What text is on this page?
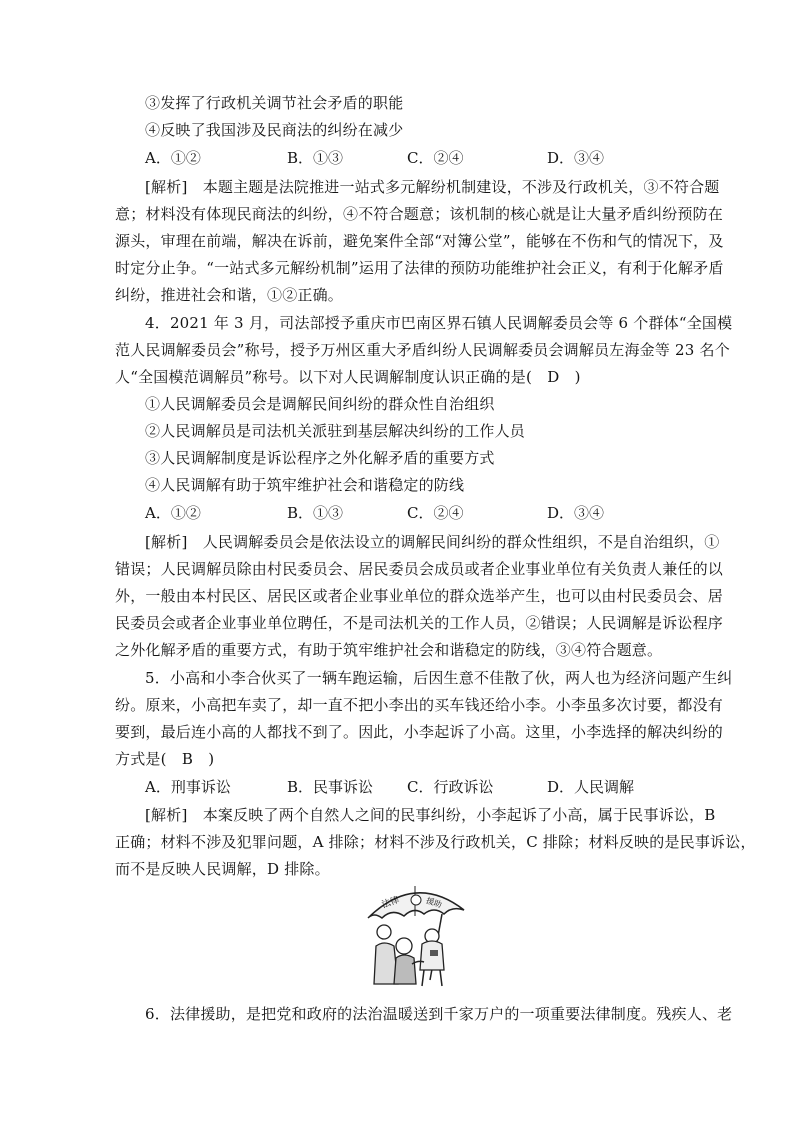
③发挥了行政机关调节社会矛盾的职能
④反映了我国涉及民商法的纠纷在减少
A．①②	B．①③	C．②④	D．③④
[解析]　本题主题是法院推进一站式多元解纷机制建设，不涉及行政机关，③不符合题
意；材料没有体现民商法的纠纷，④不符合题意；该机制的核心就是让大量矛盾纠纷预防在
源头，审理在前端，解决在诉前，避免案件全部“对簿公堂”，能够在不伤和气的情况下，及
时定分止争。“一站式多元解纷机制”运用了法律的预防功能维护社会正义，有利于化解矛盾
纠纷，推进社会和谐，①②正确。
4．2021 年 3 月，司法部授予重庆市巴南区界石镇人民调解委员会等 6 个群体“全国模
范人民调解委员会”称号，授予万州区重大矛盾纠纷人民调解委员会调解员左海金等 23 名个
人“全国模范调解员”称号。以下对人民调解制度认识正确的是(　D　)
①人民调解委员会是调解民间纠纷的群众性自治组织
②人民调解员是司法机关派驻到基层解决纠纷的工作人员
③人民调解制度是诉讼程序之外化解矛盾的重要方式
④人民调解有助于筑牢维护社会和谐稳定的防线
A．①②	B．①③	C．②④	D．③④
[解析]　人民调解委员会是依法设立的调解民间纠纷的群众性组织，不是自治组织，①
错误；人民调解员除由村民委员会、居民委员会成员或者企业事业单位有关负责人兼任的以
外，一般由本村民区、居民区或者企业事业单位的群众选举产生，也可以由村民委员会、居
民委员会或者企业事业单位聘任，不是司法机关的工作人员，②错误；人民调解是诉讼程序
之外化解矛盾的重要方式，有助于筑牢维护社会和谐稳定的防线，③④符合题意。
5．小高和小李合伙买了一辆车跑运输，后因生意不佳散了伙，两人也为经济问题产生纠
纷。原来，小高把车卖了，却一直不把小李出的买车钱还给小李。小李虽多次讨要，都没有
要到，最后连小高的人都找不到了。因此，小李起诉了小高。这里，小李选择的解决纠纷的
方式是(　B　)
A．刑事诉讼	B．民事诉讼 C．行政诉讼	D．人民调解
[解析]　本案反映了两个自然人之间的民事纠纷，小李起诉了小高，属于民事诉讼，B
正确；材料不涉及犯罪问题，A 排除；材料不涉及行政机关，C 排除；材料反映的是民事诉讼，
而不是反映人民调解，D 排除。
法律	援助
6．法律援助，是把党和政府的法治温暖送到千家万户的一项重要法律制度。残疾人、老
